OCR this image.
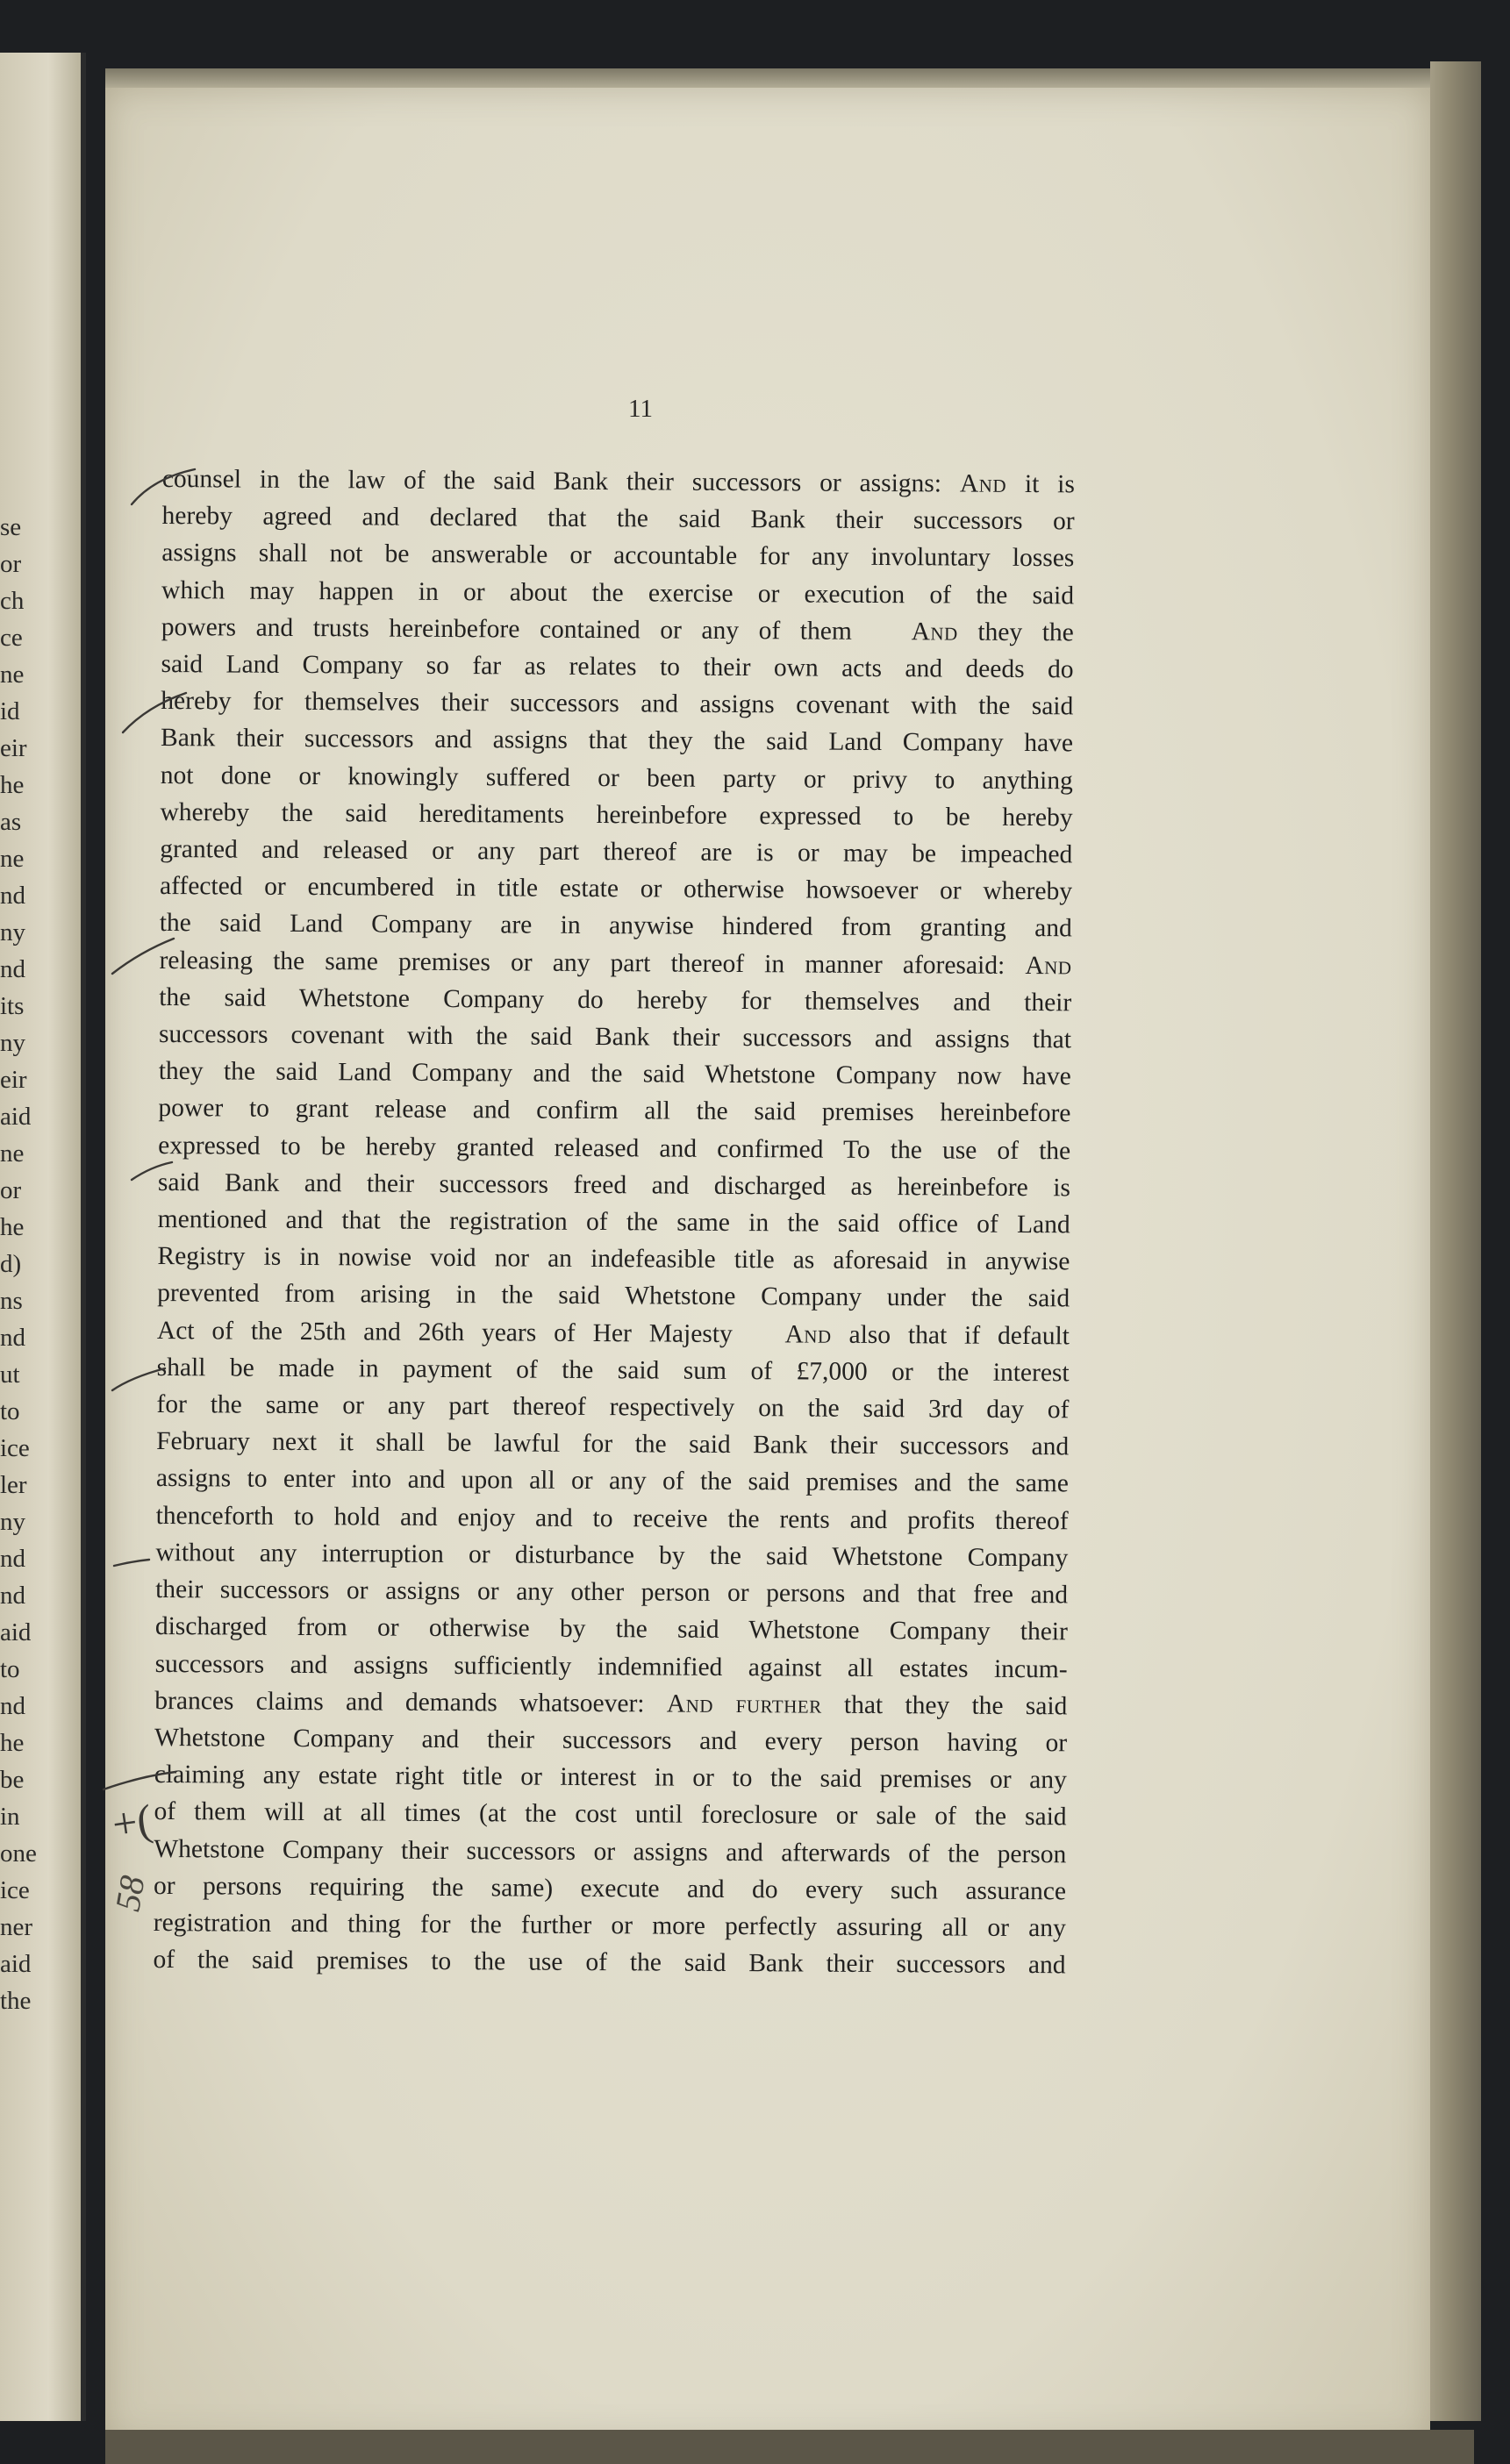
se
or
ch
ce
ne
id
eir
he
as
ne
nd
ny
nd
its
ny
eir
aid
ne
or
he
d)
ns
nd
ut
to
ice
ler
ny
nd
nd
aid
to
nd
he
be
in
one
ice
ner
aid
the
11
counsel in the law of the said Bank their successors or assigns: And it is
hereby agreed and declared that the said Bank their successors or
assigns shall not be answerable or accountable for any involuntary losses
which may happen in or about the exercise or execution of the said
powers and trusts hereinbefore contained or any of them And they the
said Land Company so far as relates to their own acts and deeds do
hereby for themselves their successors and assigns covenant with the said
Bank their successors and assigns that they the said Land Company have
not done or knowingly suffered or been party or privy to anything
whereby the said hereditaments hereinbefore expressed to be hereby
granted and released or any part thereof are is or may be impeached
affected or encumbered in title estate or otherwise howsoever or whereby
the said Land Company are in anywise hindered from granting and
releasing the same premises or any part thereof in manner aforesaid: And
the said Whetstone Company do hereby for themselves and their
successors covenant with the said Bank their successors and assigns that
they the said Land Company and the said Whetstone Company now have
power to grant release and confirm all the said premises hereinbefore
expressed to be hereby granted released and confirmed To the use of the
said Bank and their successors freed and discharged as hereinbefore is
mentioned and that the registration of the same in the said office of Land
Registry is in nowise void nor an indefeasible title as aforesaid in anywise
prevented from arising in the said Whetstone Company under the said
Act of the 25th and 26th years of Her Majesty And also that if default
shall be made in payment of the said sum of £7,000 or the interest
for the same or any part thereof respectively on the said 3rd day of
February next it shall be lawful for the said Bank their successors and
assigns to enter into and upon all or any of the said premises and the same
thenceforth to hold and enjoy and to receive the rents and profits thereof
without any interruption or disturbance by the said Whetstone Company
their successors or assigns or any other person or persons and that free and
discharged from or otherwise by the said Whetstone Company their
successors and assigns sufficiently indemnified against all estates incum-
brances claims and demands whatsoever: And further that they the said
Whetstone Company and their successors and every person having or
claiming any estate right title or interest in or to the said premises or any
of them will at all times (at the cost until foreclosure or sale of the said
Whetstone Company their successors or assigns and afterwards of the person
or persons requiring the same) execute and do every such assurance
registration and thing for the further or more perfectly assuring all or any
of the said premises to the use of the said Bank their successors and
+(
58
